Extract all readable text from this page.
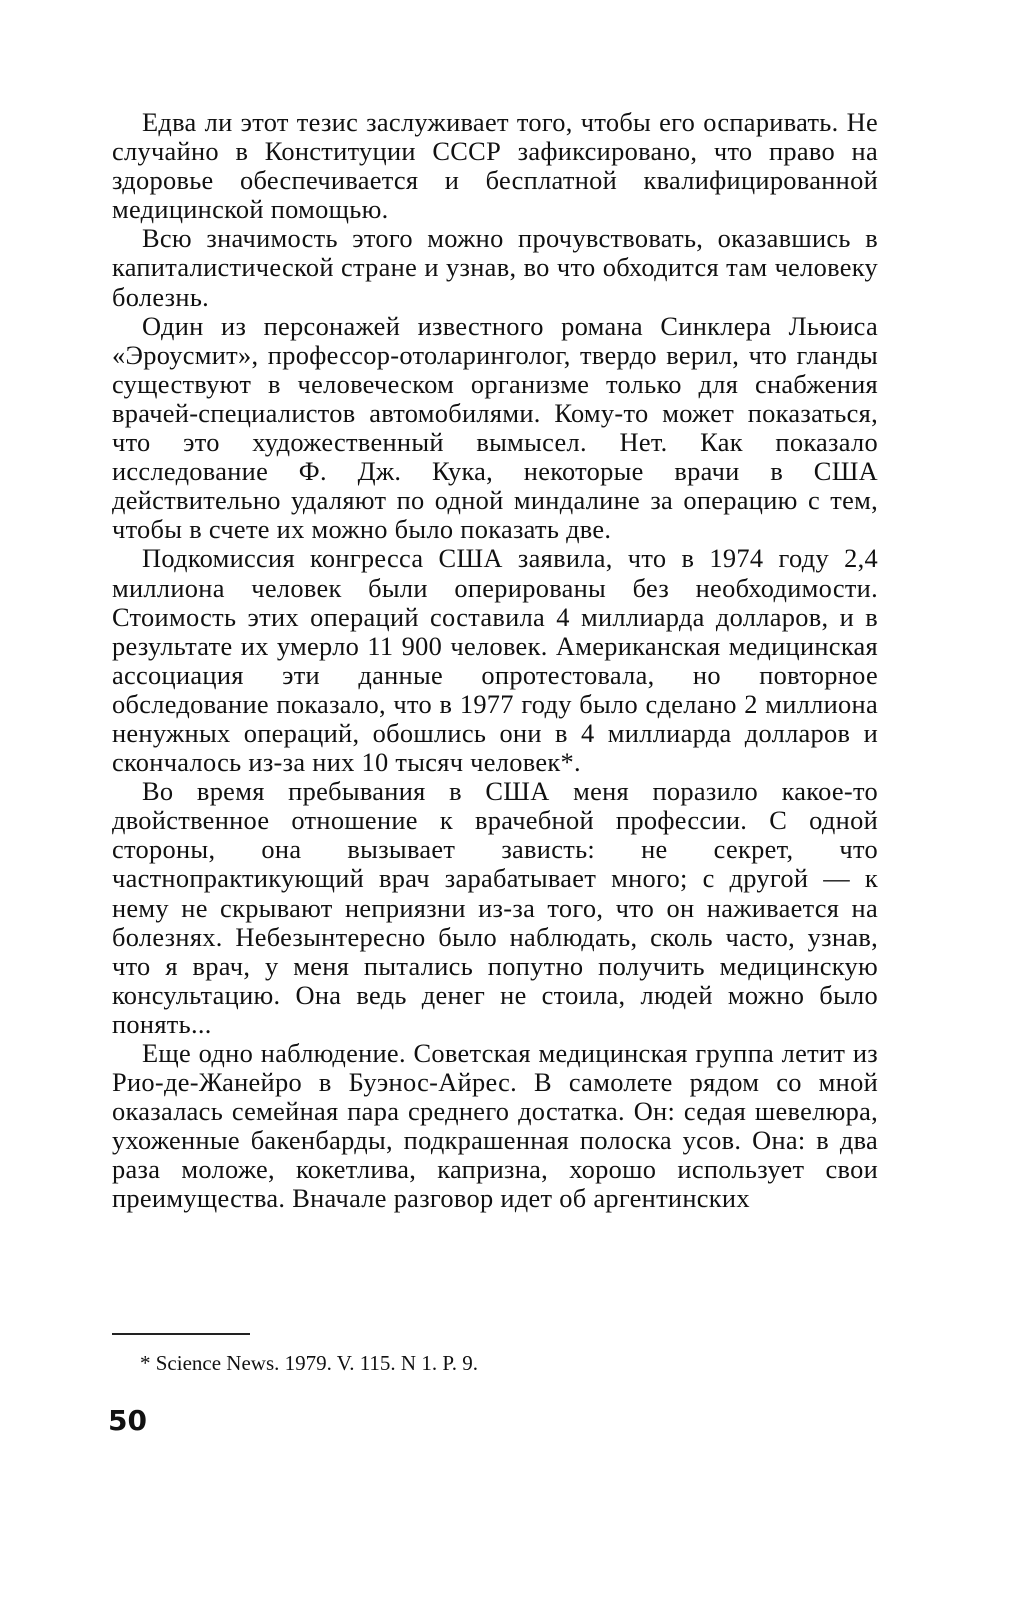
Едва ли этот тезис заслуживает того, чтобы его оспаривать. Не случайно в Конституции СССР зафиксировано, что право на здоровье обеспечивается и бесплатной квалифицированной медицинской помощью.

Всю значимость этого можно прочувствовать, оказавшись в капиталистической стране и узнав, во что обходится там человеку болезнь.

Один из персонажей известного романа Синклера Льюиса «Эроусмит», профессор-отоларинголог, твердо верил, что гланды существуют в человеческом организме только для снабжения врачей-специалистов автомобилями. Кому-то может показаться, что это художественный вымысел. Нет. Как показало исследование Ф. Дж. Кука, некоторые врачи в США действительно удаляют по одной миндалине за операцию с тем, чтобы в счете их можно было показать две.

Подкомиссия конгресса США заявила, что в 1974 году 2,4 миллиона человек были оперированы без необходимости. Стоимость этих операций составила 4 миллиарда долларов, и в результате их умерло 11 900 человек. Американская медицинская ассоциация эти данные опротестовала, но повторное обследование показало, что в 1977 году было сделано 2 миллиона ненужных операций, обошлись они в 4 миллиарда долларов и скончалось из-за них 10 тысяч человек*.

Во время пребывания в США меня поразило какое-то двойственное отношение к врачебной профессии. С одной стороны, она вызывает зависть: не секрет, что частнопрактикующий врач зарабатывает много; с другой — к нему не скрывают неприязни из-за того, что он наживается на болезнях. Небезынтересно было наблюдать, сколь часто, узнав, что я врач, у меня пытались попутно получить медицинскую консультацию. Она ведь денег не стоила, людей можно было понять...

Еще одно наблюдение. Советская медицинская группа летит из Рио-де-Жанейро в Буэнос-Айрес. В самолете рядом со мной оказалась семейная пара среднего достатка. Он: седая шевелюра, ухоженные бакенбарды, подкрашенная полоска усов. Она: в два раза моложе, кокетлива, капризна, хорошо использует свои преимущества. Вначале разговор идет об аргентинских

* Science News. 1979. V. 115. N 1. P. 9.

50
